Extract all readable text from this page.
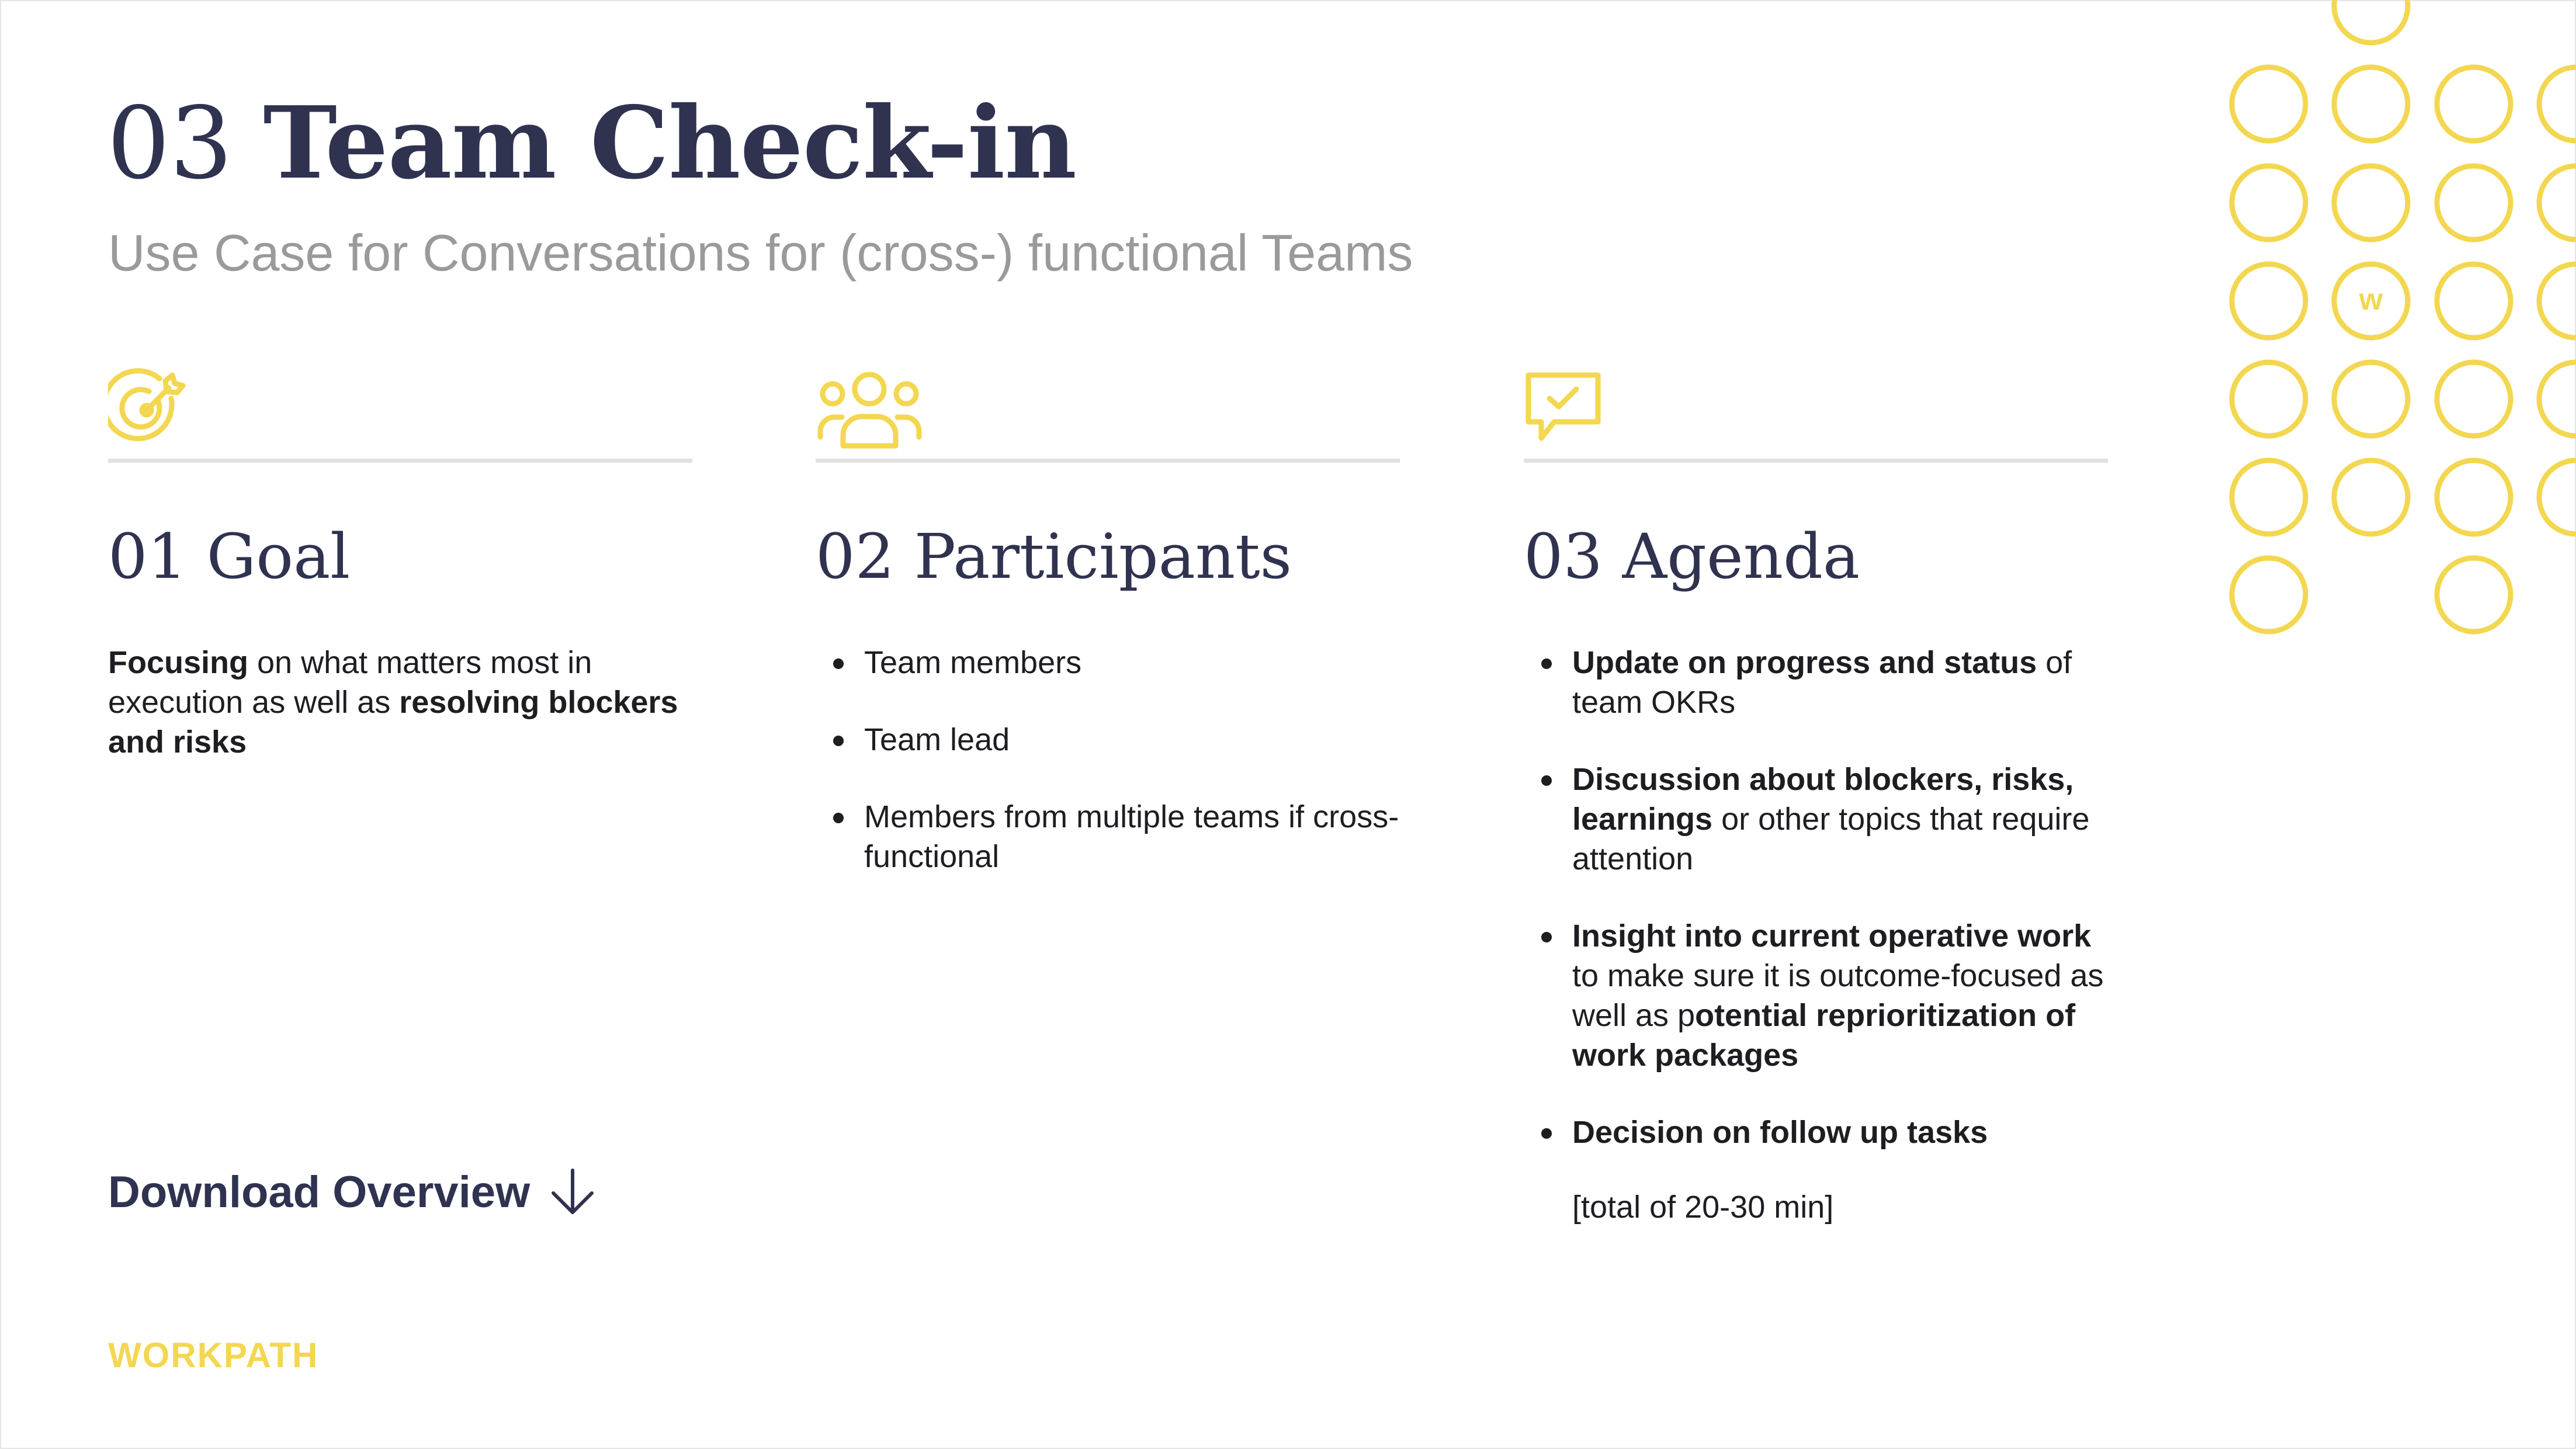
03 Team Check-in

Use Case for Conversations for (cross-) functional Teams

01 Goal
Focusing on what matters most in execution as well as resolving blockers and risks
02 Participants
Team members
Team lead
Members from multiple teams if cross-functional
03 Agenda
Update on progress and status of team OKRs
Discussion about blockers, risks, learnings or other topics that require attention
Insight into current operative work to make sure it is outcome-focused as well as potential reprioritization of work packages
Decision on follow up tasks
[total of 20-30 min]
Download Overview
WORKPATH
w
